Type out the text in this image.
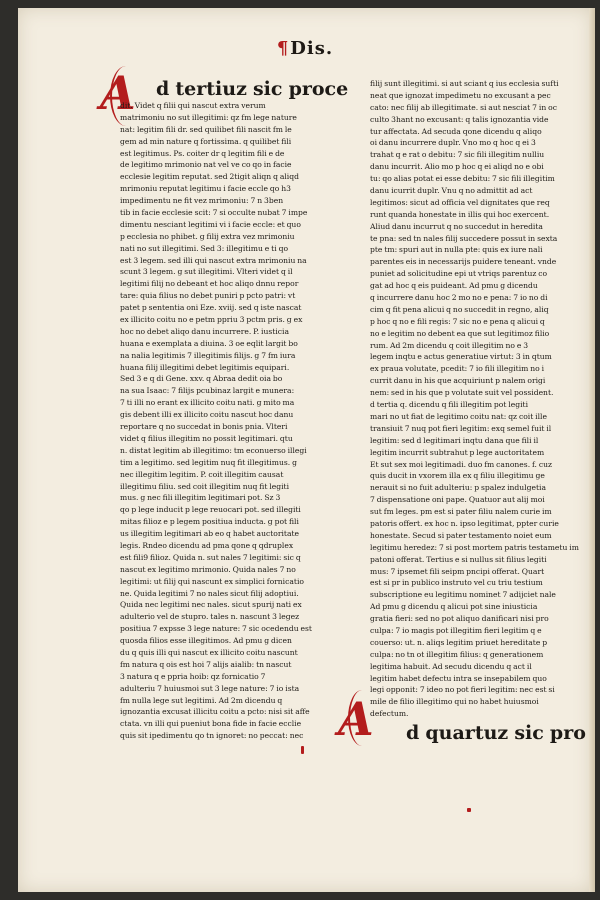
¶Dis.
A	d tertiuz sic proce
dit. Videt q filii qui nascut extra verum
matrimoniu no sut illegitimi: qz fm lege nature
nat: legitim fili dr. sed quilibet fili nascit fm le
gem ad min nature q fortissima. q quilibet fili
est legitimus. Ps. coiter dr q legitim fili e de
de legitimo mrimonio nat vel ve co qo in facie
ecclesie legitim reputat. sed 2tigit aliqn q aliqd
mrimoniu reputat legitimu i facie eccle qo h3
impedimentu ne fit vez mrimoniu: 7 n 3ben
tib in facie ecclesie scit: 7 si occulte nubat 7 impe
dimentu nesciant legitimi vi i facie eccle: et quo
p ecclesia no phibet. g filij extra vez mrimoniu
nati no sut illegitimi. Sed 3: illegitimu e ti qo
est 3 legem. sed illi qui nascut extra mrimoniu na
scunt 3 legem. g sut illegitimi. Vlteri videt q il
legitimi filij no debeant et hoc aliqo dnnu repor
tare: quia filius no debet puniri p pcto patri: vt
patet p sententia oni Eze. xviij. sed q iste nascat
ex illicito coitu no e petm ppriu 3 pctm pris. g ex
hoc no debet aliqo danu incurrere. P. iusticia
huana e exemplata a diuina. 3 oe eqlit largit bo
na nalia legitimis 7 illegitimis filijs. g 7 fm iura
huana filij illegitimi debet legitimis equipari.
Sed 3 e q di Gene. xxv. q Abraa dedit oia bo
na sua Isaac: 7 filijs pcubinaz largit e munera:
7 ti illi no erant ex illicito coitu nati. g mito ma
gis debent illi ex illicito coitu nascut hoc danu
reportare q no succedat in bonis pnia. Vlteri
videt q filius illegitim no possit legitimari. qtu
n. distat legitim ab illegitimo: tm econuerso illegi
tim a legitimo. sed legitim nuq fit illegitimus. g
nec illegitim legitim. P. coit illegitim causat
illegitimu filiu. sed coit illegitim nuq fit legiti
mus. g nec fili illegitim legitimari pot. Sz 3
qo p lege inducit p lege reuocari pot. sed illegiti
mitas filioz e p legem positiua inducta. g pot fili
us illegitim legitimari ab eo q habet auctoritate
legis. Rndeo dicendu ad pma qone q qdruplex
est fili9 filioz. Quida n. sut nales 7 legitimi: sic q
nascut ex legitimo mrimonio. Quida nales 7 no
legitimi: ut filij qui nascunt ex simplici fornicatio
ne. Quida legitimi 7 no nales sicut filij adoptiui.
Quida nec legitimi nec nales. sicut spurij nati ex
adulterio vel de stupro. tales n. nascunt 3 legez
positiua 7 expsse 3 lege nature: 7 sic ocedendu est
quosda filios esse illegitimos. Ad pmu g dicen
du q quis illi qui nascut ex illicito coitu nascunt
fm natura q ois est hoi 7 alijs aialib: tn nascut
3 natura q e ppria hoib: qz fornicatio 7
adulteriu 7 huiusmoi sut 3 lege nature: 7 io ista
fm nulla lege sut legitimi. Ad 2m dicendu q
ignozantia excusat illicitu coitu a pcto: nisi sit affe
ctata. vn illi qui pueniut bona fide in facie ecclie
quis sit ipedimentu qo tn ignoret: no peccat: nec
filij sunt illegitimi. si aut sciant q ius ecclesia sufti
neat que ignozat impedimetu no excusant a pec
cato: nec filij ab illegitimate. si aut nesciat 7 in oc
culto 3hant no excusant: q talis ignozantia vide
tur affectata. Ad secuda qone dicendu q aliqo
oi danu incurrere duplr. Vno mo q hoc q ei 3
trahat q e rat o debitu: 7 sic fili illegitim nulliu
danu incurrit. Alio mo p hoc q ei aliqd no e obi
tu: qo alias potat ei esse debitu: 7 sic fili illegitim
danu icurrit duplr. Vnu q no admittit ad act
legitimos: sicut ad officia vel dignitates que req
runt quanda honestate in illis qui hoc exercent.
Aliud danu incurrut q no succedut in heredita
te pna: sed tn nales filij succedere possut in sexta
pte tm: spuri aut in nulla pte: quis ex iure nali
parentes eis in necessarijs puidere teneant. vnde
puniet ad solicitudine epi ut vtriqs parentuz co
gat ad hoc q eis puideant. Ad pmu g dicendu
q incurrere danu hoc 2 mo no e pena: 7 io no di
cim q fit pena alicui q no succedit in regno, aliq
p hoc q no e fili regis: 7 sic no e pena q alicui q
no e legitim no debent ea que sut legitimoz filio
rum. Ad 2m dicendu q coit illegitim no e 3
legem inqtu e actus generatiue virtut: 3 in qtum
ex praua volutate, pcedit: 7 io fili illegitim no i
currit danu in his que acquiriunt p nalem origi
nem: sed in his que p volutate suit vel possident.
d tertia q. dicendu q fili illegitim pot legiti
mari no ut fiat de legitimo coitu nat: qz coit ille
transiuit 7 nuq pot fieri legitim: exq semel fuit il
legitim: sed d legitimari inqtu dana que fili il
legitim incurrit subtrahut p lege auctoritatem
Et sut sex moi legitimadi. duo fm canones. f. cuz
quis ducit in vxorem illa ex q filiu illegitimu ge
nerauit si no fuit adulteriu: p spalez indulgetia
7 dispensatione oni pape. Quatuor aut alij moi
sut fm leges. pm est si pater filiu nalem curie im
patoris offert. ex hoc n. ipso legitimat, ppter curie
honestate. Secud si pater testamento noiet eum
legitimu heredez: 7 si post mortem patris testametu im
patoni offerat. Tertius e si nullus sit filius legiti
mus: 7 ipsemet fili seipm pncipi offerat. Quart
est si pr in publico instruto vel cu triu testium
subscriptione eu legitimu nominet 7 adijciet nale
Ad pmu g dicendu q alicui pot sine iniusticia
gratia fieri: sed no pot aliquo danificari nisi pro
culpa: 7 io magis pot illegitim fieri legitim q e
couerso: ut. n. aliqs legitim priuet hereditate p
culpa: no tn ot illegitim filius: q generationem
legitima habuit. Ad secudu dicendu q act il
legitim habet defectu intra se insepabilem quo
legi opponit: 7 ideo no pot fieri legitim: nec est si
mile de filio illegitimo qui no habet huiusmoi
defectum.
d quartuz sic pro
A
